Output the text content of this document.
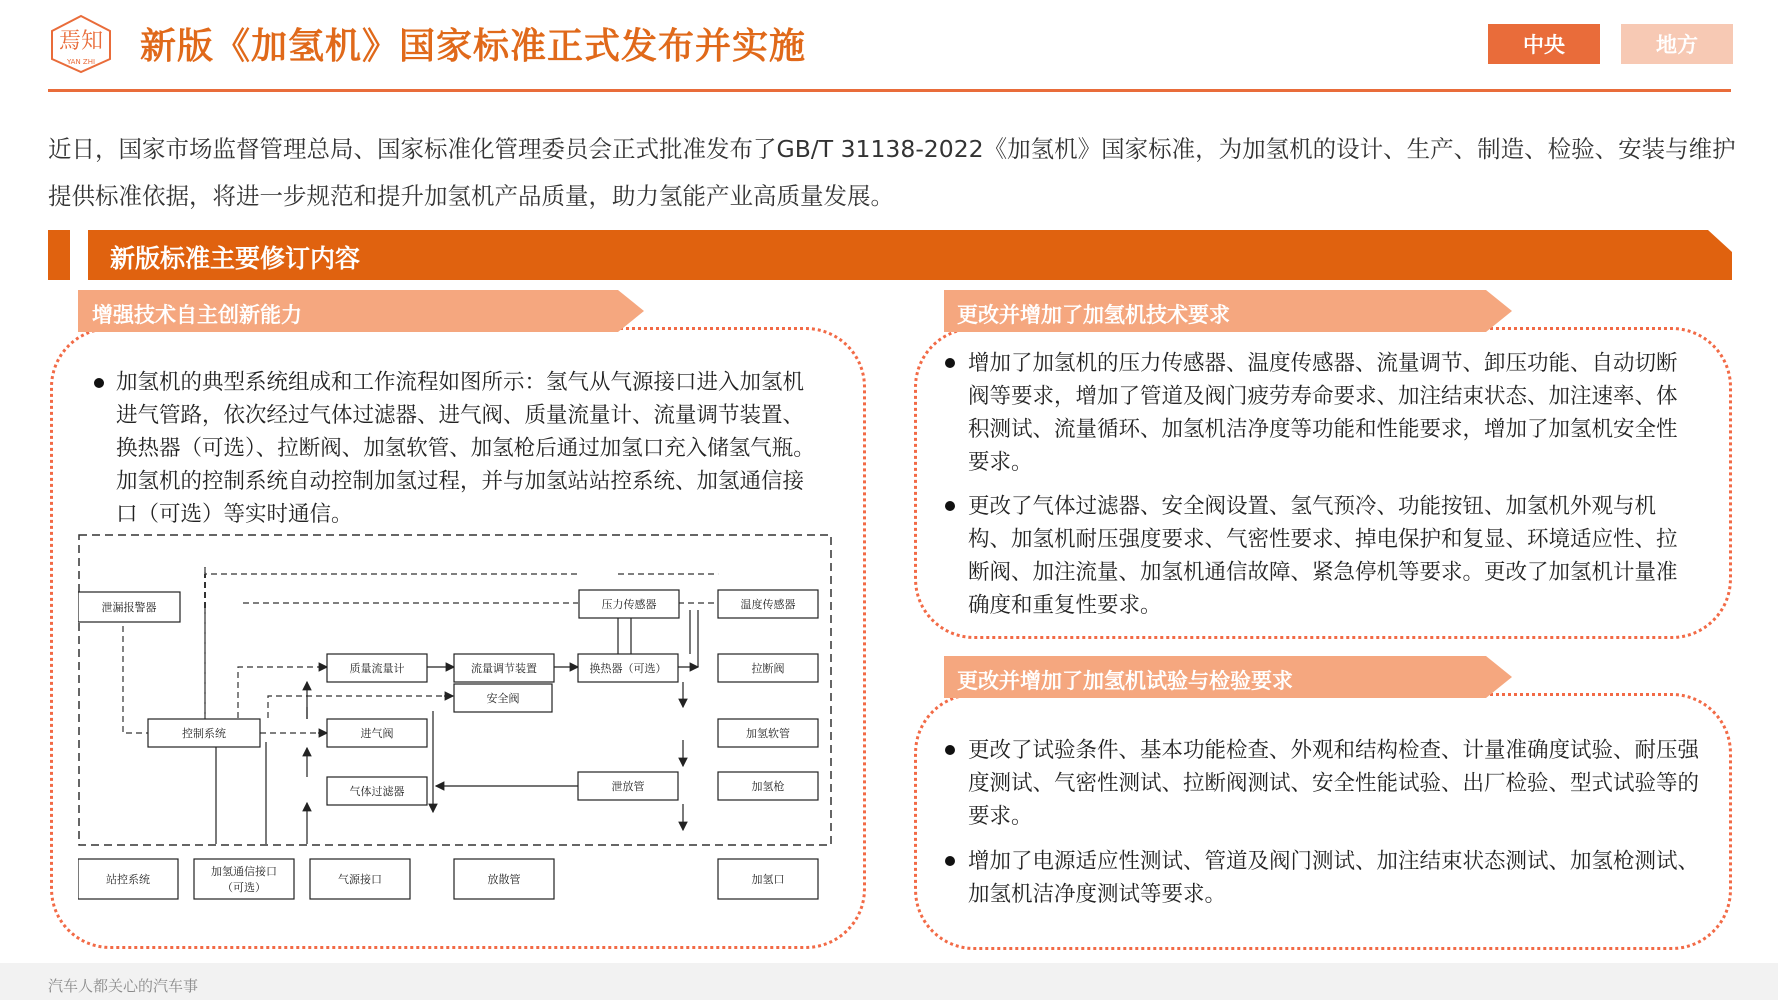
焉知
YAN ZHI 新版《加氢机》国家标准正式发布并实施	中央	地方
近日，国家市场监督管理总局、国家标准化管理委员会正式批准发布了GB/T 31138-2022《加氢机》国家标准，为加氢机的设计、生产、制造、检验、安装与维护提供标准依据，将进一步规范和提升加氢机产品质量，助力氢能产业高质量发展。
新版标准主要修订内容
增强技术自主创新能力
加氢机的典型系统组成和工作流程如图所示：氢气从气源接口进入加氢机进气管路，依次经过气体过滤器、进气阀、质量流量计、流量调节装置、换热器（可选）、拉断阀、加氢软管、加氢枪后通过加氢口充入储氢气瓶。加氢机的控制系统自动控制加氢过程，并与加氢站站控系统、加氢通信接口（可选）等实时通信。
泄漏报警器	压力传感器	温度传感器
质量流量计	流量调节装置	换热器（可选）	拉断阀
安全阀
控制系统	进气阀	加氢软管
气体过滤器	泄放管	加氢枪
站控系统
加氢通信接口
（可选）
气源接口	放散管	加氢口
更改并增加了加氢机技术要求
增加了加氢机的压力传感器、温度传感器、流量调节、卸压功能、自动切断阀等要求，增加了管道及阀门疲劳寿命要求、加注结束状态、加注速率、体积测试、流量循环、加氢机洁净度等功能和性能要求，增加了加氢机安全性要求。
更改了气体过滤器、安全阀设置、氢气预冷、功能按钮、加氢机外观与机构、加氢机耐压强度要求、气密性要求、掉电保护和复显、环境适应性、拉断阀、加注流量、加氢机通信故障、紧急停机等要求。更改了加氢机计量准确度和重复性要求。
更改并增加了加氢机试验与检验要求
更改了试验条件、基本功能检查、外观和结构检查、计量准确度试验、耐压强度测试、气密性测试、拉断阀测试、安全性能试验、出厂检验、型式试验等的要求。
增加了电源适应性测试、管道及阀门测试、加注结束状态测试、加氢枪测试、加氢机洁净度测试等要求。
汽车人都关心的汽车事
